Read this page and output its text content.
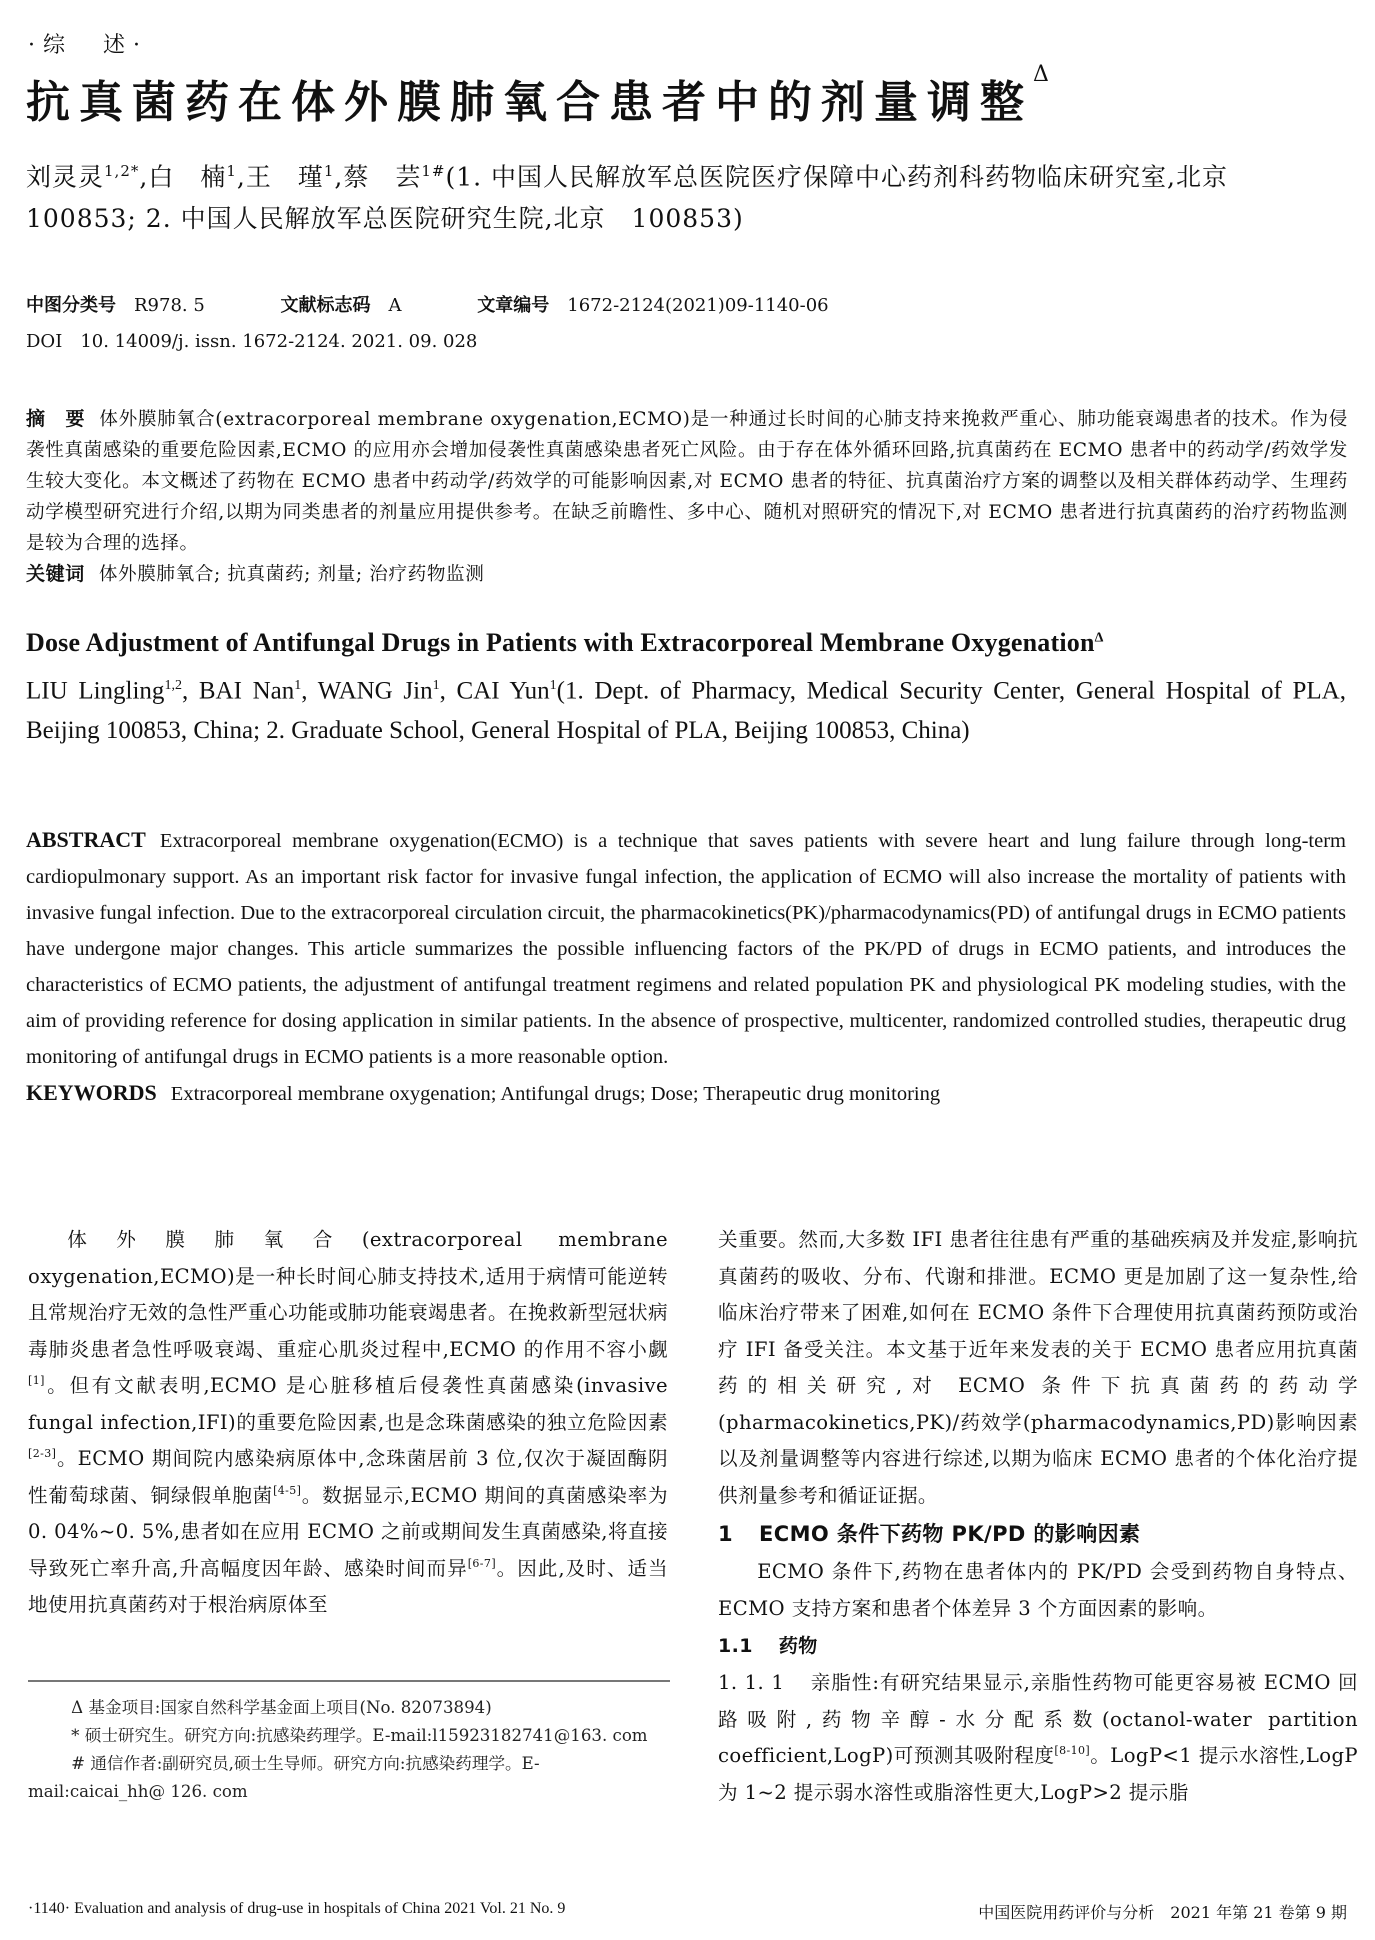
·综　述·
抗真菌药在体外膜肺氧合患者中的剂量调整$^\Delta$
刘灵灵$^{1,2*}$,白　楠$^1$,王　瑾$^1$,蔡　芸$^{1\#}$(1. 中国人民解放军总医院医疗保障中心药剂科药物临床研究室,北京　100853; 2. 中国人民解放军总医院研究生院,北京　100853)
中图分类号 R978. 5	文献标志码 A	文章编号 1672-2124(2021)09-1140-06
DOI 10. 14009/j. issn. 1672-2124. 2021. 09. 028
摘　要 体外膜肺氧合(extracorporeal membrane oxygenation,ECMO)是一种通过长时间的心肺支持来挽救严重心、肺功能衰竭患者的技术。作为侵袭性真菌感染的重要危险因素,ECMO 的应用亦会增加侵袭性真菌感染患者死亡风险。由于存在体外循环回路,抗真菌药在 ECMO 患者中的药动学/药效学发生较大变化。本文概述了药物在 ECMO 患者中药动学/药效学的可能影响因素,对 ECMO 患者的特征、抗真菌治疗方案的调整以及相关群体药动学、生理药动学模型研究进行介绍,以期为同类患者的剂量应用提供参考。在缺乏前瞻性、多中心、随机对照研究的情况下,对 ECMO 患者进行抗真菌药的治疗药物监测是较为合理的选择。
关键词 体外膜肺氧合; 抗真菌药; 剂量; 治疗药物监测
Dose Adjustment of Antifungal Drugs in Patients with Extracorporeal Membrane Oxygenation$^\Delta$
LIU Lingling$^{1,2}$, BAI Nan$^1$, WANG Jin$^1$, CAI Yun$^1$(1. Dept. of Pharmacy, Medical Security Center, General Hospital of PLA, Beijing 100853, China; 2. Graduate School, General Hospital of PLA, Beijing 100853, China)
ABSTRACT Extracorporeal membrane oxygenation(ECMO) is a technique that saves patients with severe heart and lung failure through long-term cardiopulmonary support. As an important risk factor for invasive fungal infection, the application of ECMO will also increase the mortality of patients with invasive fungal infection. Due to the extracorporeal circulation circuit, the pharmacokinetics(PK)/pharmacodynamics(PD) of antifungal drugs in ECMO patients have undergone major changes. This article summarizes the possible influencing factors of the PK/PD of drugs in ECMO patients, and introduces the characteristics of ECMO patients, the adjustment of antifungal treatment regimens and related population PK and physiological PK modeling studies, with the aim of providing reference for dosing application in similar patients. In the absence of prospective, multicenter, randomized controlled studies, therapeutic drug monitoring of antifungal drugs in ECMO patients is a more reasonable option.
KEYWORDS Extracorporeal membrane oxygenation; Antifungal drugs; Dose; Therapeutic drug monitoring
体外膜肺氧合(extracorporeal membrane oxygenation,ECMO)是一种长时间心肺支持技术,适用于病情可能逆转且常规治疗无效的急性严重心功能或肺功能衰竭患者。在挽救新型冠状病毒肺炎患者急性呼吸衰竭、重症心肌炎过程中,ECMO 的作用不容小觑[1]。但有文献表明,ECMO 是心脏移植后侵袭性真菌感染(invasive fungal infection,IFI)的重要危险因素,也是念珠菌感染的独立危险因素[2-3]。ECMO 期间院内感染病原体中,念珠菌居前 3 位,仅次于凝固酶阴性葡萄球菌、铜绿假单胞菌[4-5]。数据显示,ECMO 期间的真菌感染率为 0. 04%~0. 5%,患者如在应用 ECMO 之前或期间发生真菌感染,将直接导致死亡率升高,升高幅度因年龄、感染时间而异[6-7]。因此,及时、适当地使用抗真菌药对于根治病原体至
Δ 基金项目:国家自然科学基金面上项目(No. 82073894)
* 硕士研究生。研究方向:抗感染药理学。E-mail:l15923182741@163. com
# 通信作者:副研究员,硕士生导师。研究方向:抗感染药理学。E-mail:caicai_hh@ 126. com
关重要。然而,大多数 IFI 患者往往患有严重的基础疾病及并发症,影响抗真菌药的吸收、分布、代谢和排泄。ECMO 更是加剧了这一复杂性,给临床治疗带来了困难,如何在 ECMO 条件下合理使用抗真菌药预防或治疗 IFI 备受关注。本文基于近年来发表的关于 ECMO 患者应用抗真菌药的相关研究,对 ECMO 条件下抗真菌药的药动学(pharmacokinetics,PK)/药效学(pharmacodynamics,PD)影响因素以及剂量调整等内容进行综述,以期为临床 ECMO 患者的个体化治疗提供剂量参考和循证证据。
1 ECMO 条件下药物 PK/PD 的影响因素
ECMO 条件下,药物在患者体内的 PK/PD 会受到药物自身特点、ECMO 支持方案和患者个体差异 3 个方面因素的影响。
1.1 药物
1. 1. 1 亲脂性:有研究结果显示,亲脂性药物可能更容易被 ECMO 回路吸附,药物辛醇-水分配系数(octanol-water partition coefficient,LogP)可预测其吸附程度[8-10]。LogP<1 提示水溶性,LogP 为 1~2 提示弱水溶性或脂溶性更大,LogP>2 提示脂
·1140· Evaluation and analysis of drug-use in hospitals of China 2021 Vol. 21 No. 9	中国医院用药评价与分析　2021 年第 21 卷第 9 期
